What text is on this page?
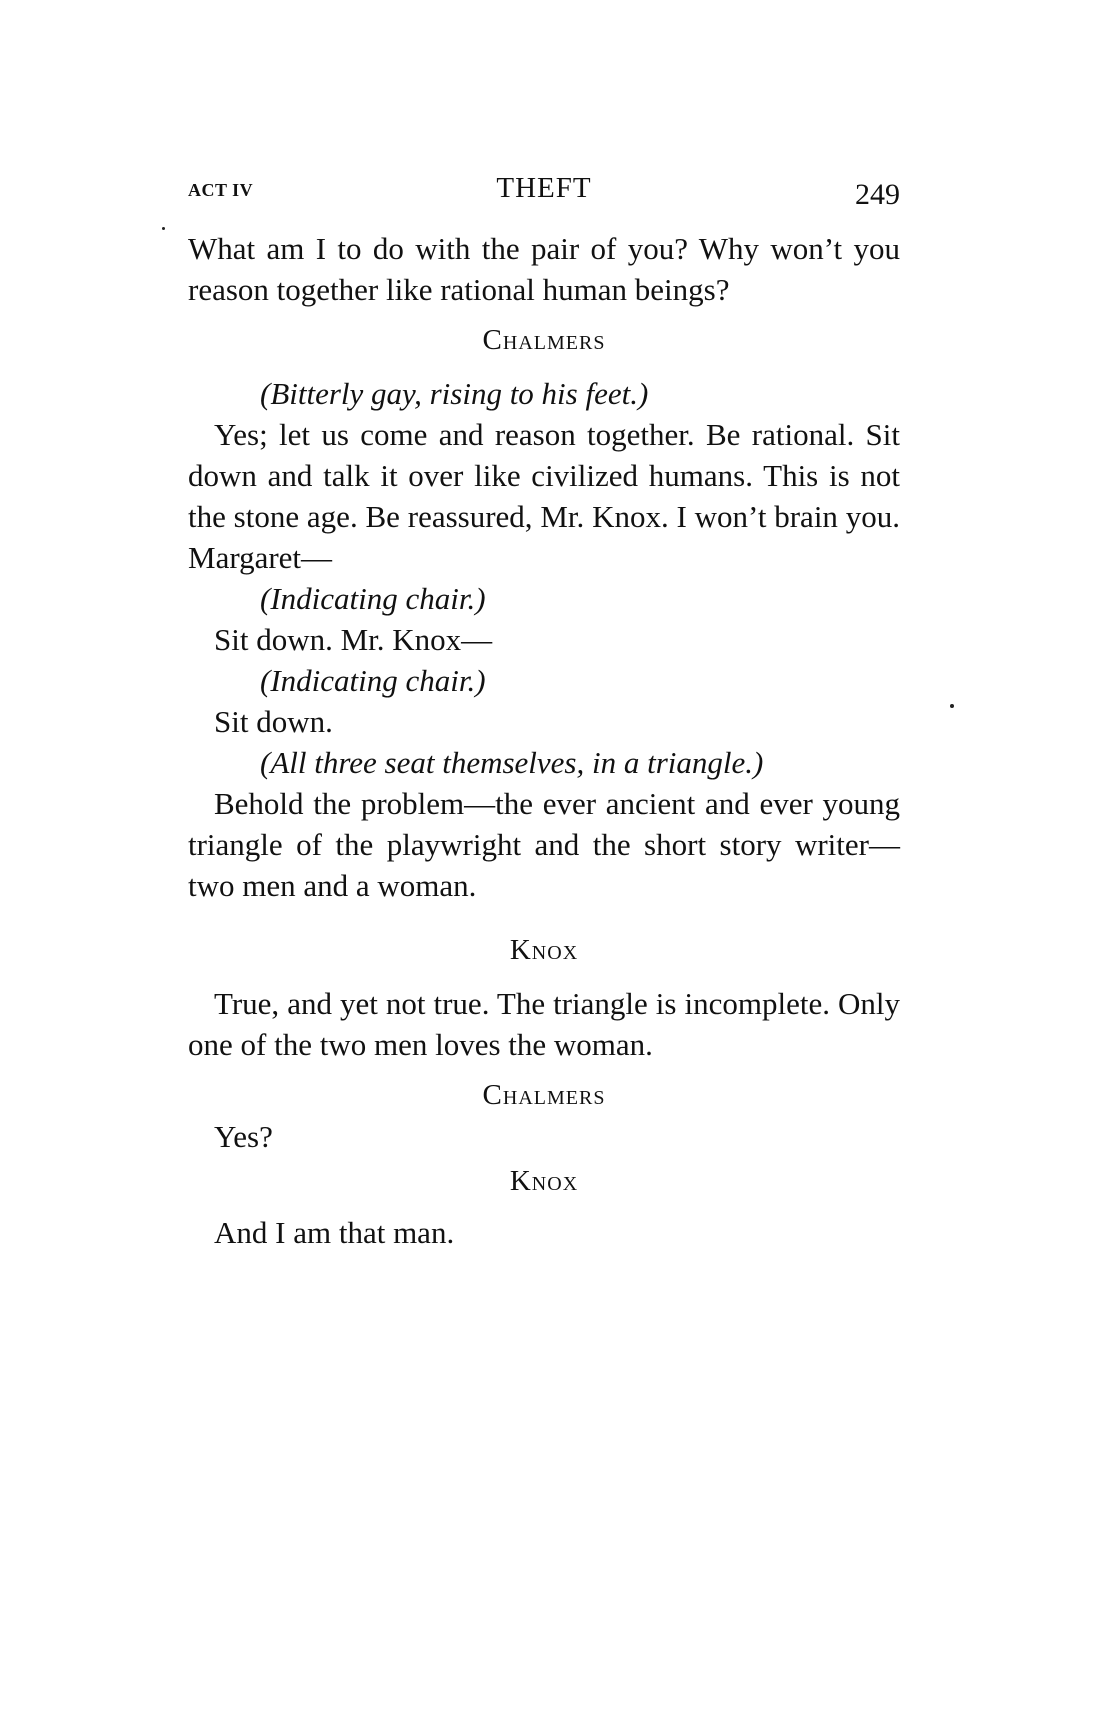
ACT IV	THEFT	249

What am I to do with the pair of you? Why won’t you reason together like rational human beings?

Chalmers

(Bitterly gay, rising to his feet.)

Yes; let us come and reason together. Be rational. Sit down and talk it over like civilized humans. This is not the stone age. Be reassured, Mr. Knox. I won’t brain you. Margaret—

(Indicating chair.)

Sit down. Mr. Knox—

(Indicating chair.)

Sit down.

(All three seat themselves, in a triangle.)

Behold the problem—the ever ancient and ever young triangle of the playwright and the short story writer—two men and a woman.

Knox

True, and yet not true. The triangle is incomplete. Only one of the two men loves the woman.

Chalmers

Yes?

Knox

And I am that man.
